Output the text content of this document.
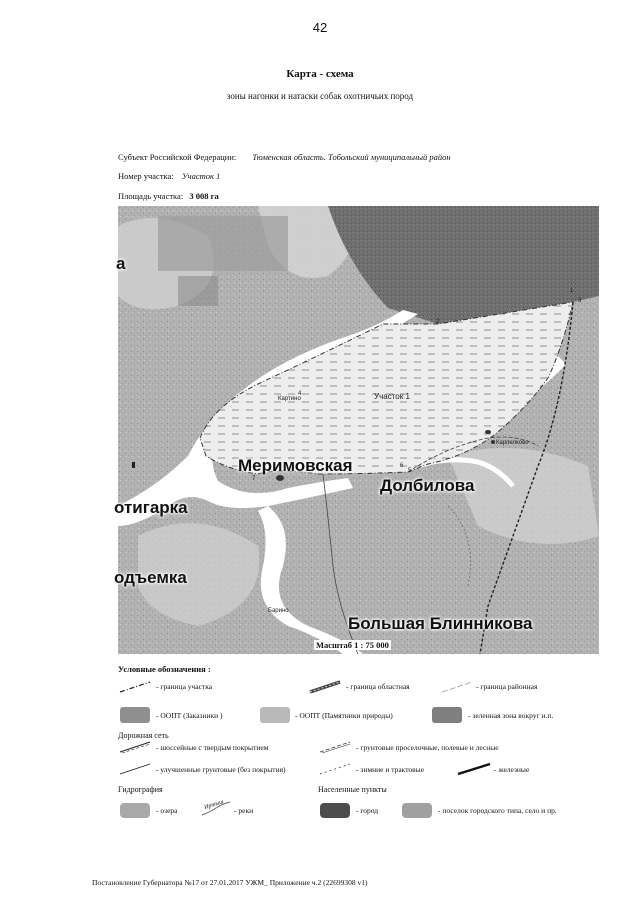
42
Карта - схема
зоны нагонки и натаски собак охотничьих пород
Субъект Российской Федерации: Тюменская область. Тобольский муниципальный район
Номер участка: Участок 1
Площадь участка: 3 008 га
3
2
1
4
5
6
7
Картино
Карпелково
Барино
Участок 1
а
Меримовская
Долбилова
отигарка
одъемка
Большая Блинникова
Масштаб 1 : 75 000
Условные обозначения :
- граница участка	- граница областная	- граница районная
- ООПТ (Заказники )	- ООПТ (Памятники природы)	- зеленная зона вокруг н.п.
Дорожная сеть
- шоссейные с твердым покрытием	- грунтовые проселочные, полевые и лесные
- улучшенные грунтовые (без покрытия)	- зимние и трактовые	- железные
Гидрография	Населенные пункты
- озера	Иртыш - реки	- город	- поселок городского типа, село и пр.
Постановление Губернатора №17 от 27.01.2017 УЖМ_ Приложение ч.2 (22699308 v1)
